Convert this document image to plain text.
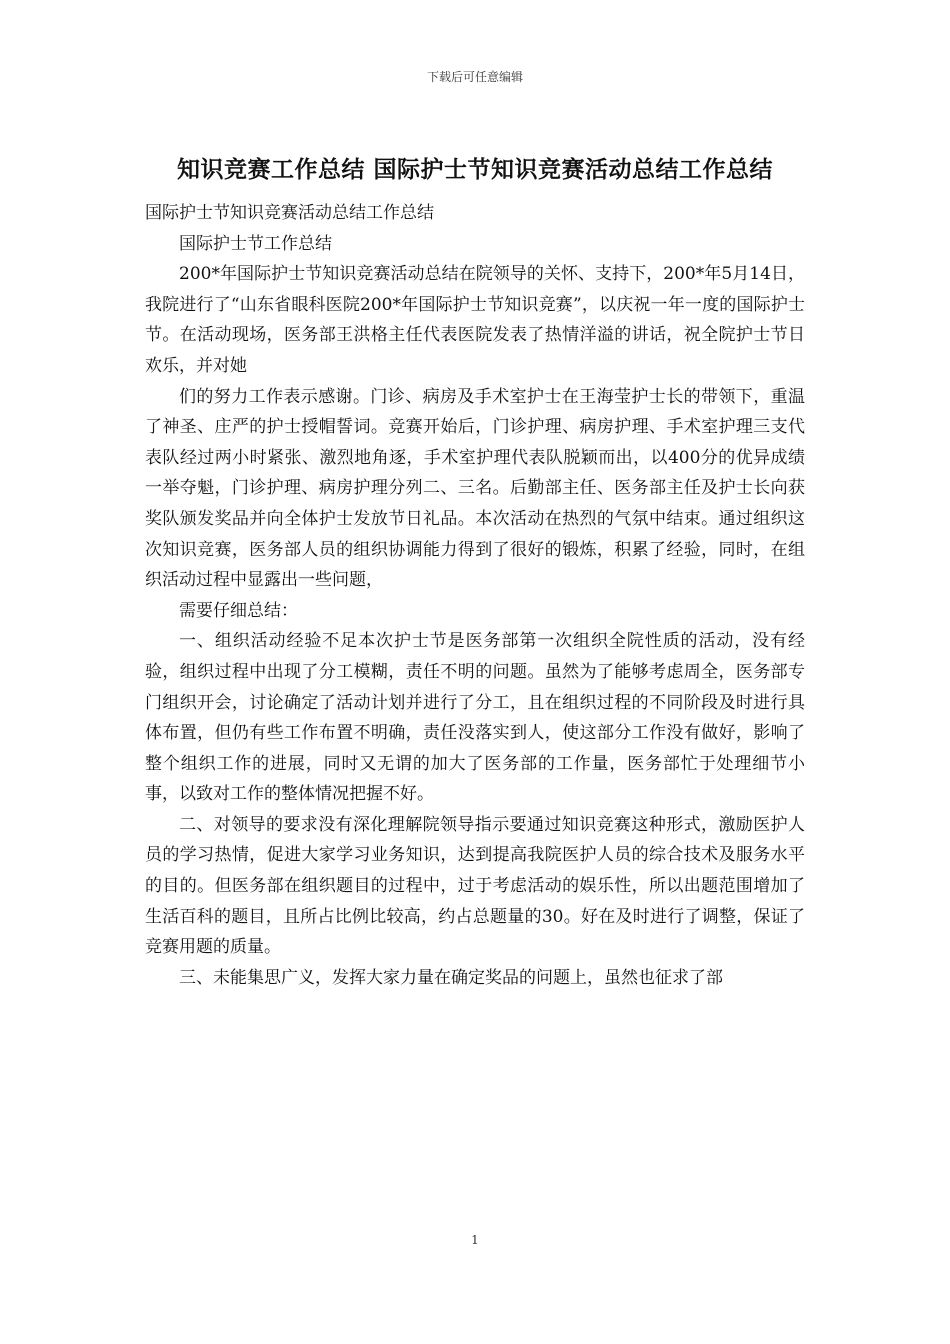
下载后可任意编辑
知识竞赛工作总结 国际护士节知识竞赛活动总结工作总结

国际护士节知识竞赛活动总结工作总结

国际护士节工作总结

200*年国际护士节知识竞赛活动总结在院领导的关怀、支持下，200*年5月14日，我院进行了“山东省眼科医院200*年国际护士节知识竞赛”，以庆祝一年一度的国际护士节。在活动现场，医务部王洪格主任代表医院发表了热情洋溢的讲话，祝全院护士节日欢乐，并对她

们的努力工作表示感谢。门诊、病房及手术室护士在王海莹护士长的带领下，重温了神圣、庄严的护士授帽誓词。竞赛开始后，门诊护理、病房护理、手术室护理三支代表队经过两小时紧张、激烈地角逐，手术室护理代表队脱颖而出，以400分的优异成绩一举夺魁，门诊护理、病房护理分列二、三名。后勤部主任、医务部主任及护士长向获奖队颁发奖品并向全体护士发放节日礼品。本次活动在热烈的气氛中结束。通过组织这次知识竞赛，医务部人员的组织协调能力得到了很好的锻炼，积累了经验，同时，在组织活动过程中显露出一些问题，

需要仔细总结：

一、组织活动经验不足本次护士节是医务部第一次组织全院性质的活动，没有经验，组织过程中出现了分工模糊，责任不明的问题。虽然为了能够考虑周全，医务部专门组织开会，讨论确定了活动计划并进行了分工，且在组织过程的不同阶段及时进行具体布置，但仍有些工作布置不明确，责任没落实到人，使这部分工作没有做好，影响了整个组织工作的进展，同时又无谓的加大了医务部的工作量，医务部忙于处理细节小事，以致对工作的整体情况把握不好。

二、对领导的要求没有深化理解院领导指示要通过知识竞赛这种形式，激励医护人员的学习热情，促进大家学习业务知识，达到提高我院医护人员的综合技术及服务水平的目的。但医务部在组织题目的过程中，过于考虑活动的娱乐性，所以出题范围增加了生活百科的题目，且所占比例比较高，约占总题量的30。好在及时进行了调整，保证了竞赛用题的质量。

三、未能集思广义，发挥大家力量在确定奖品的问题上，虽然也征求了部

1
